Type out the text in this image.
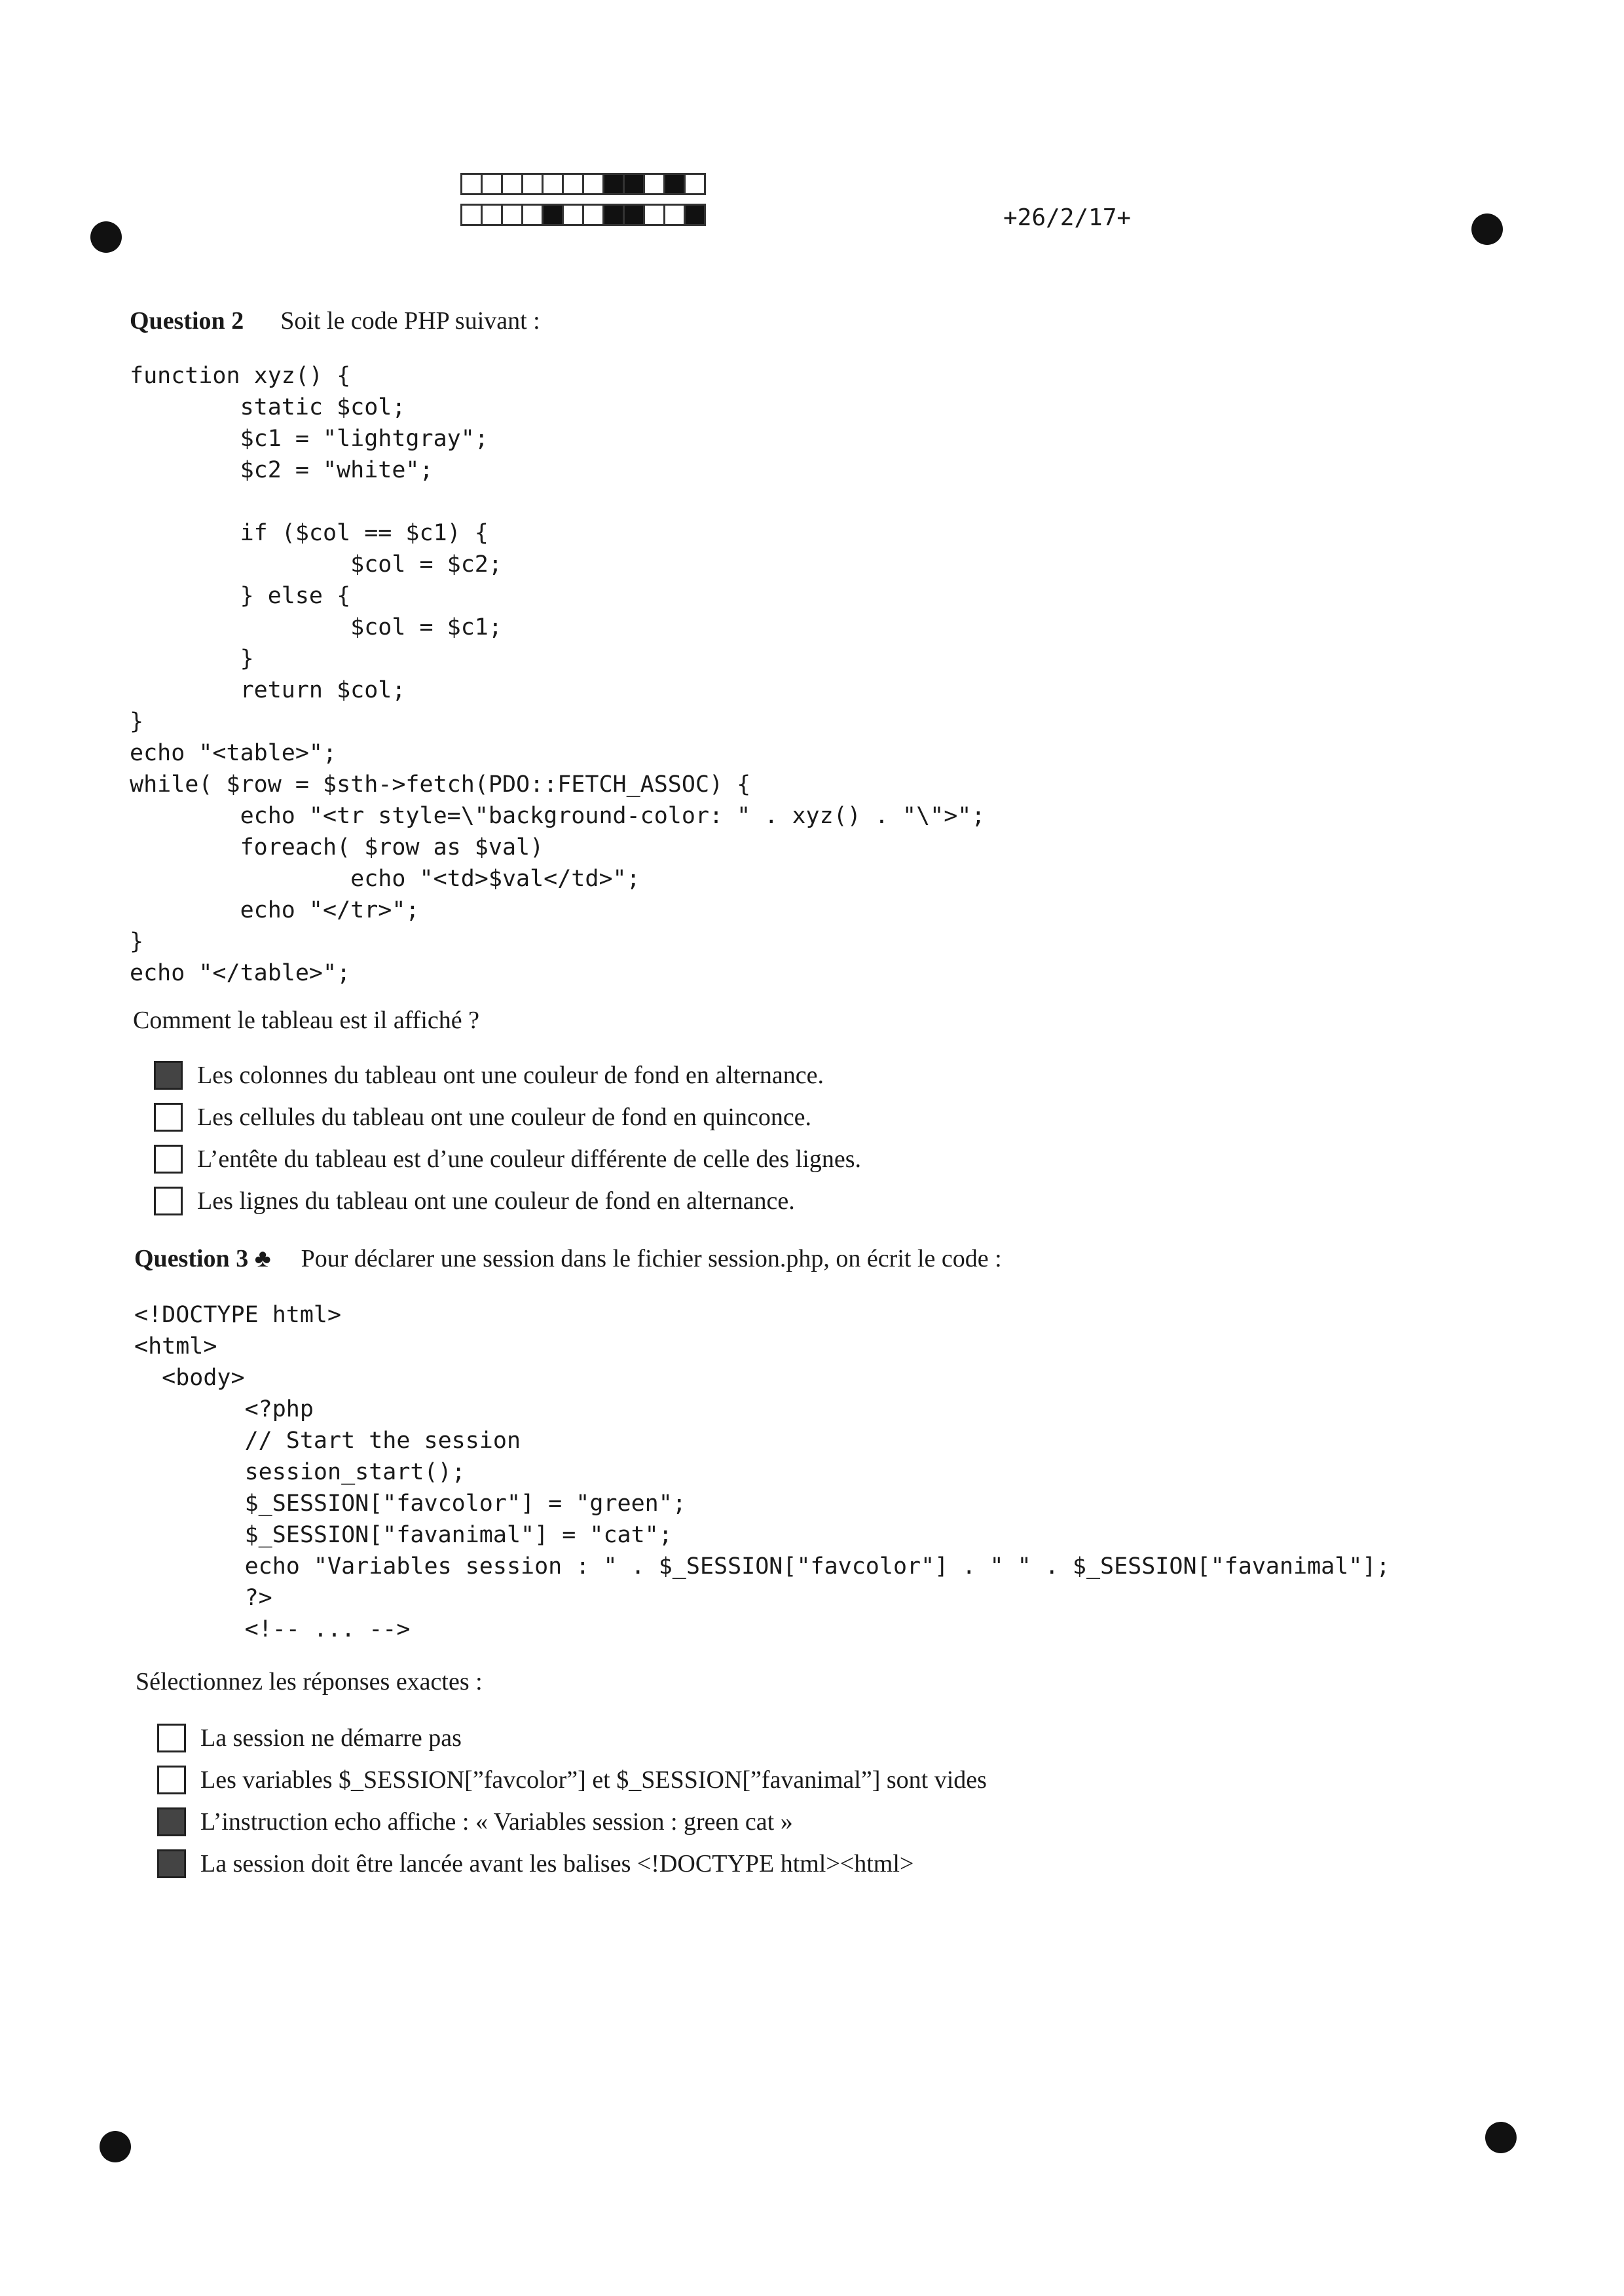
+26/2/17+
Question 2 Soit le code PHP suivant :
function xyz() {
static $col;
$c1 = "lightgray";
$c2 = "white";

if ($col == $c1) {
$col = $c2;
} else {
$col = $c1;
}
return $col;
}
echo "<table>";
while( $row = $sth->fetch(PDO::FETCH_ASSOC) {
echo "<tr style=\"background-color: " . xyz() . "\">";
foreach( $row as $val)
echo "<td>$val</td>";
echo "</tr>";
}
echo "</table>";
Comment le tableau est il affiché ?
Les colonnes du tableau ont une couleur de fond en alternance.
Les cellules du tableau ont une couleur de fond en quinconce.
L’entête du tableau est d’une couleur différente de celle des lignes.
Les lignes du tableau ont une couleur de fond en alternance.
Question 3 ♣ Pour déclarer une session dans le fichier session.php, on écrit le code :
<!DOCTYPE html>
<html>
<body>
<?php
// Start the session
session_start();
$_SESSION["favcolor"] = "green";
$_SESSION["favanimal"] = "cat";
echo "Variables session : " . $_SESSION["favcolor"] . " " . $_SESSION["favanimal"];
?>
<!-- ... -->
Sélectionnez les réponses exactes :
La session ne démarre pas
Les variables $_SESSION[”favcolor”] et $_SESSION[”favanimal”] sont vides
L’instruction echo affiche : « Variables session : green cat »
La session doit être lancée avant les balises <!DOCTYPE html><html>
